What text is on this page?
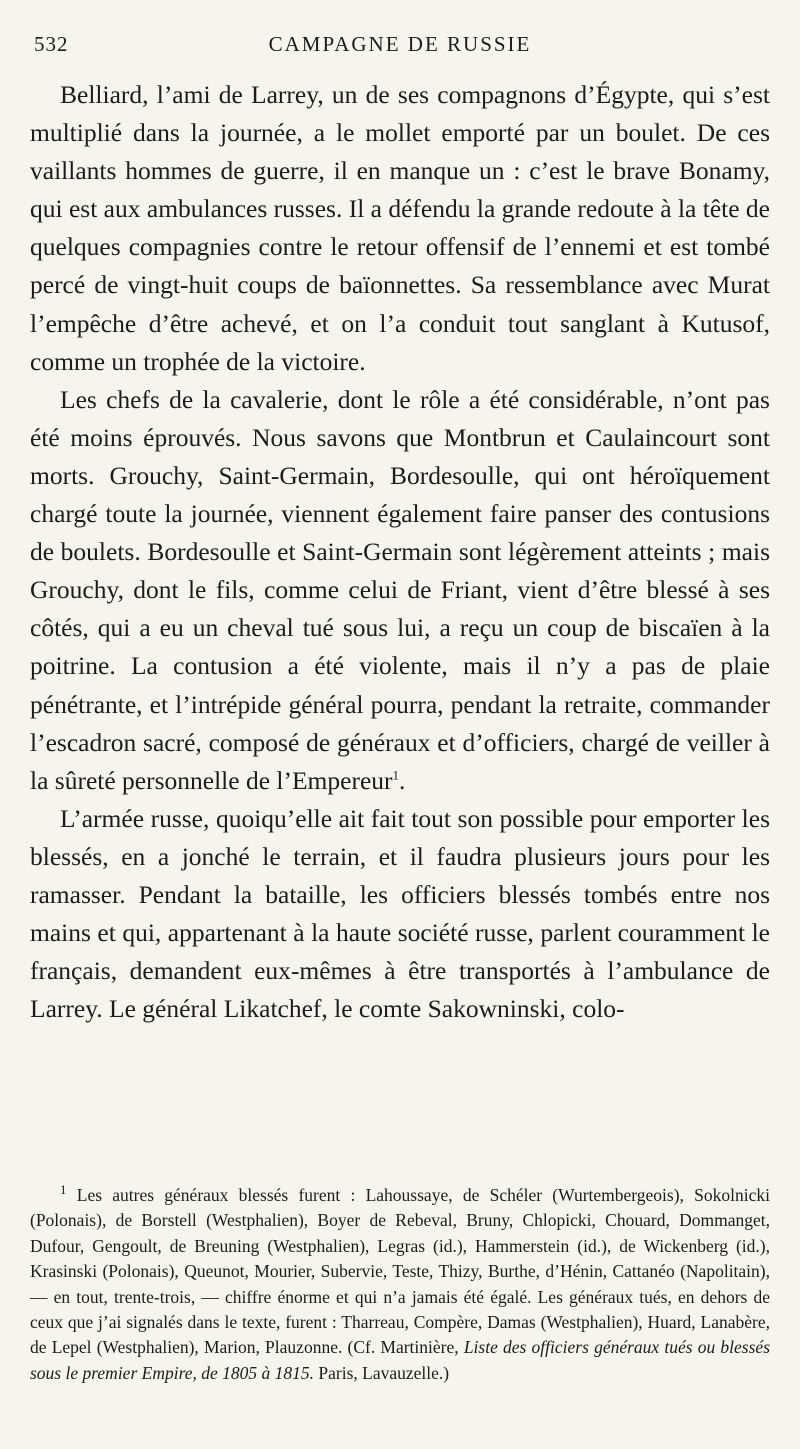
532	CAMPAGNE DE RUSSIE

Belliard, l’ami de Larrey, un de ses compagnons d’Égypte, qui s’est multiplié dans la journée, a le mollet emporté par un boulet. De ces vaillants hommes de guerre, il en manque un : c’est le brave Bonamy, qui est aux ambulances russes. Il a défendu la grande redoute à la tête de quelques compagnies contre le retour offensif de l’ennemi et est tombé percé de vingt-huit coups de baïonnettes. Sa ressemblance avec Murat l’empêche d’être achevé, et on l’a conduit tout sanglant à Kutusof, comme un trophée de la victoire.

Les chefs de la cavalerie, dont le rôle a été considérable, n’ont pas été moins éprouvés. Nous savons que Montbrun et Caulaincourt sont morts. Grouchy, Saint-Germain, Bordesoulle, qui ont héroïquement chargé toute la journée, viennent également faire panser des contusions de boulets. Bordesoulle et Saint-Germain sont légèrement atteints ; mais Grouchy, dont le fils, comme celui de Friant, vient d’être blessé à ses côtés, qui a eu un cheval tué sous lui, a reçu un coup de biscaïen à la poitrine. La contusion a été violente, mais il n’y a pas de plaie pénétrante, et l’intrépide général pourra, pendant la retraite, commander l’escadron sacré, composé de généraux et d’officiers, chargé de veiller à la sûreté personnelle de l’Empereur$^1$.

L’armée russe, quoiqu’elle ait fait tout son possible pour emporter les blessés, en a jonché le terrain, et il faudra plusieurs jours pour les ramasser. Pendant la bataille, les officiers blessés tombés entre nos mains et qui, appartenant à la haute société russe, parlent couramment le français, demandent eux-mêmes à être transportés à l’ambulance de Larrey. Le général Likatchef, le comte Sakowninski, colo-

$^1$ Les autres généraux blessés furent : Lahoussaye, de Schéler (Wurtembergeois), Sokolnicki (Polonais), de Borstell (Westphalien), Boyer de Rebeval, Bruny, Chlopicki, Chouard, Dommanget, Dufour, Gengoult, de Breuning (Westphalien), Legras (id.), Hammerstein (id.), de Wickenberg (id.), Krasinski (Polonais), Queunot, Mourier, Subervie, Teste, Thizy, Burthe, d’Hénin, Cattanéo (Napolitain), — en tout, trente-trois, — chiffre énorme et qui n’a jamais été égalé. Les généraux tués, en dehors de ceux que j’ai signalés dans le texte, furent : Tharreau, Compère, Damas (Westphalien), Huard, Lanabère, de Lepel (Westphalien), Marion, Plauzonne. (Cf. Martinière, Liste des officiers généraux tués ou blessés sous le premier Empire, de 1805 à 1815. Paris, Lavauzelle.)
